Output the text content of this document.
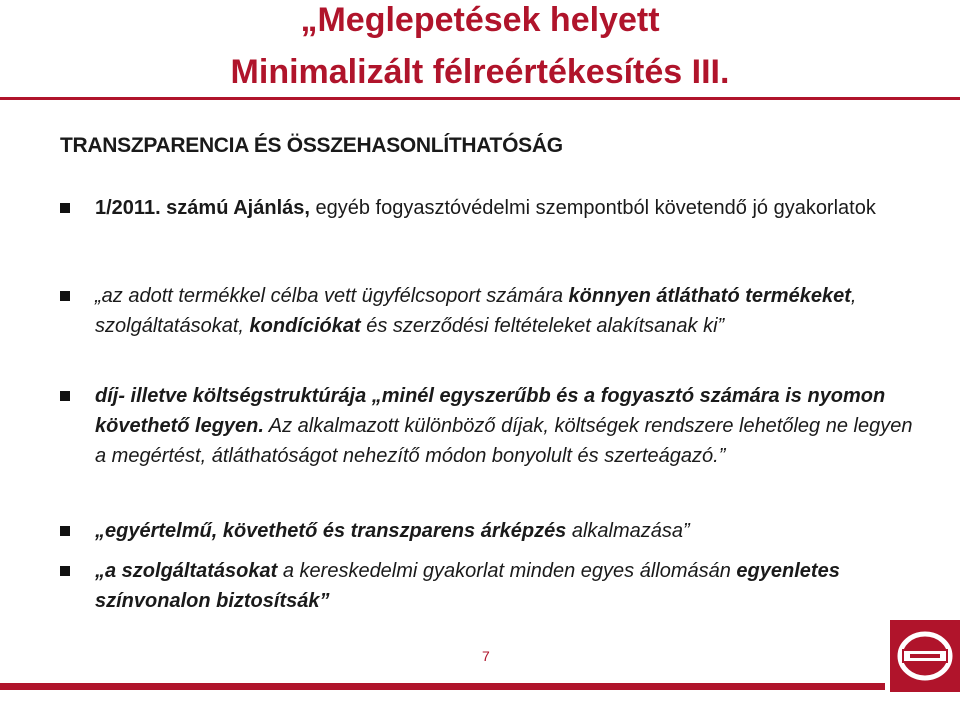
„Meglepetések helyett
Minimalizált félreértékesítés III.
TRANSZPARENCIA ÉS ÖSSZEHASONLÍTHATÓSÁG

1/2011. számú Ajánlás, egyéb fogyasztóvédelmi szempontból követendő jó gyakorlatok

„az adott termékkel célba vett ügyfélcsoport számára könnyen átlátható termékeket, szolgáltatásokat, kondíciókat és szerződési feltételeket alakítsanak ki”

díj- illetve költségstruktúrája „minél egyszerűbb és a fogyasztó számára is nyomon követhető legyen. Az alkalmazott különböző díjak, költségek rendszere lehetőleg ne legyen a megértést, átláthatóságot nehezítő módon bonyolult és szerteágazó.”

„egyértelmű, követhető és transzparens árképzés alkalmazása”

„a szolgáltatásokat a kereskedelmi gyakorlat minden egyes állomásán egyenletes színvonalon biztosítsák”

7
